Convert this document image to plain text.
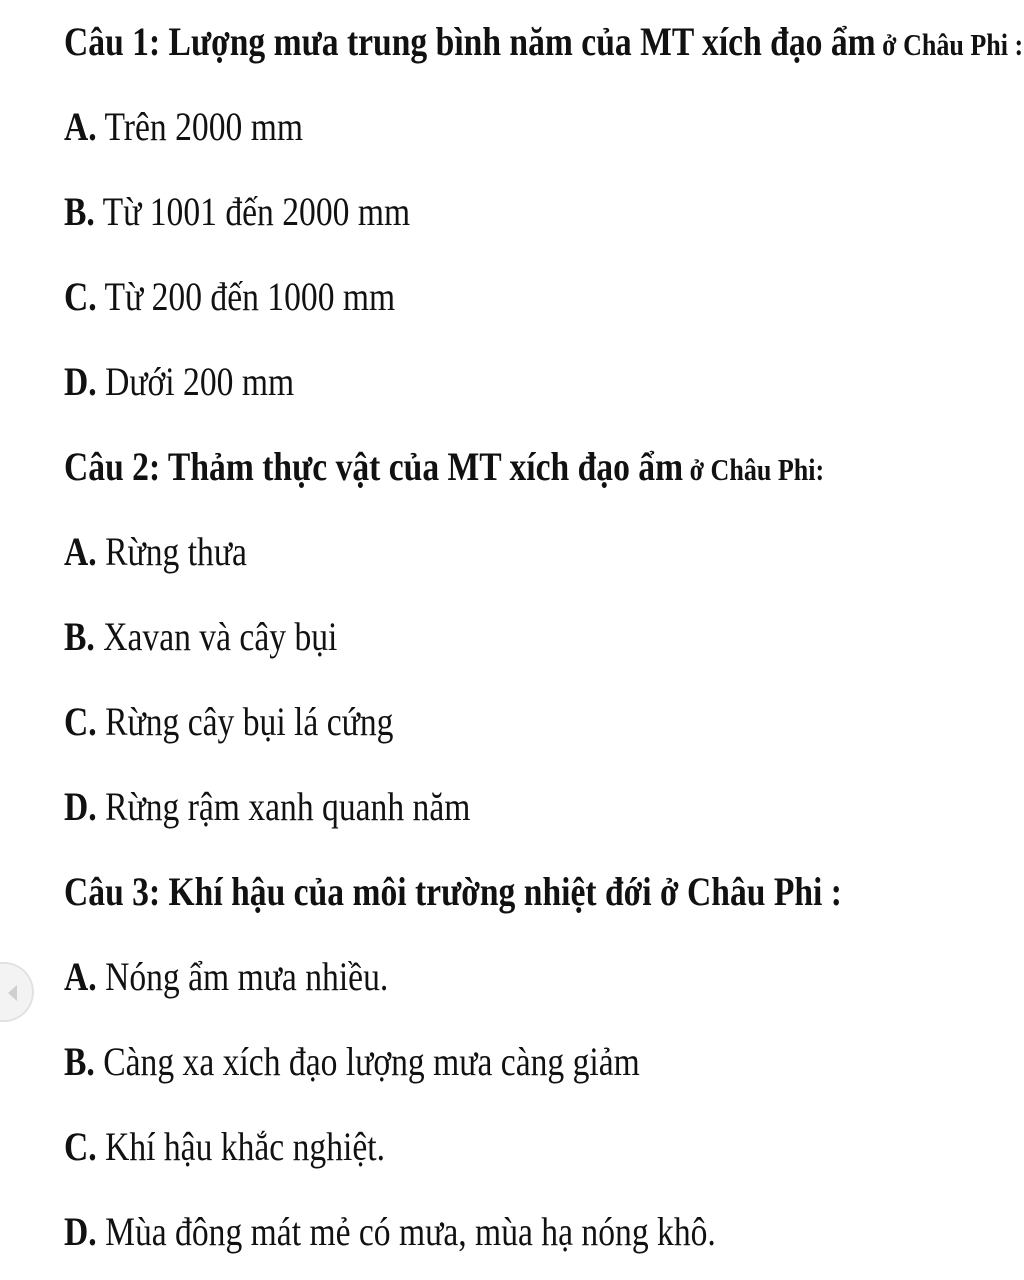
Câu 1: Lượng mưa trung bình năm của MT xích đạo ẩm ở Châu Phi :
A. Trên 2000 mm
B. Từ 1001 đến 2000 mm
C. Từ 200 đến 1000 mm
D. Dưới 200 mm
Câu 2: Thảm thực vật của MT xích đạo ẩm ở Châu Phi:
A. Rừng thưa
B. Xavan và cây bụi
C. Rừng cây bụi lá cứng
D. Rừng rậm xanh quanh năm
Câu 3: Khí hậu của môi trường nhiệt đới ở Châu Phi :
A. Nóng ẩm mưa nhiều.
B. Càng xa xích đạo lượng mưa càng giảm
C. Khí hậu khắc nghiệt.
D. Mùa đông mát mẻ có mưa, mùa hạ nóng khô.
